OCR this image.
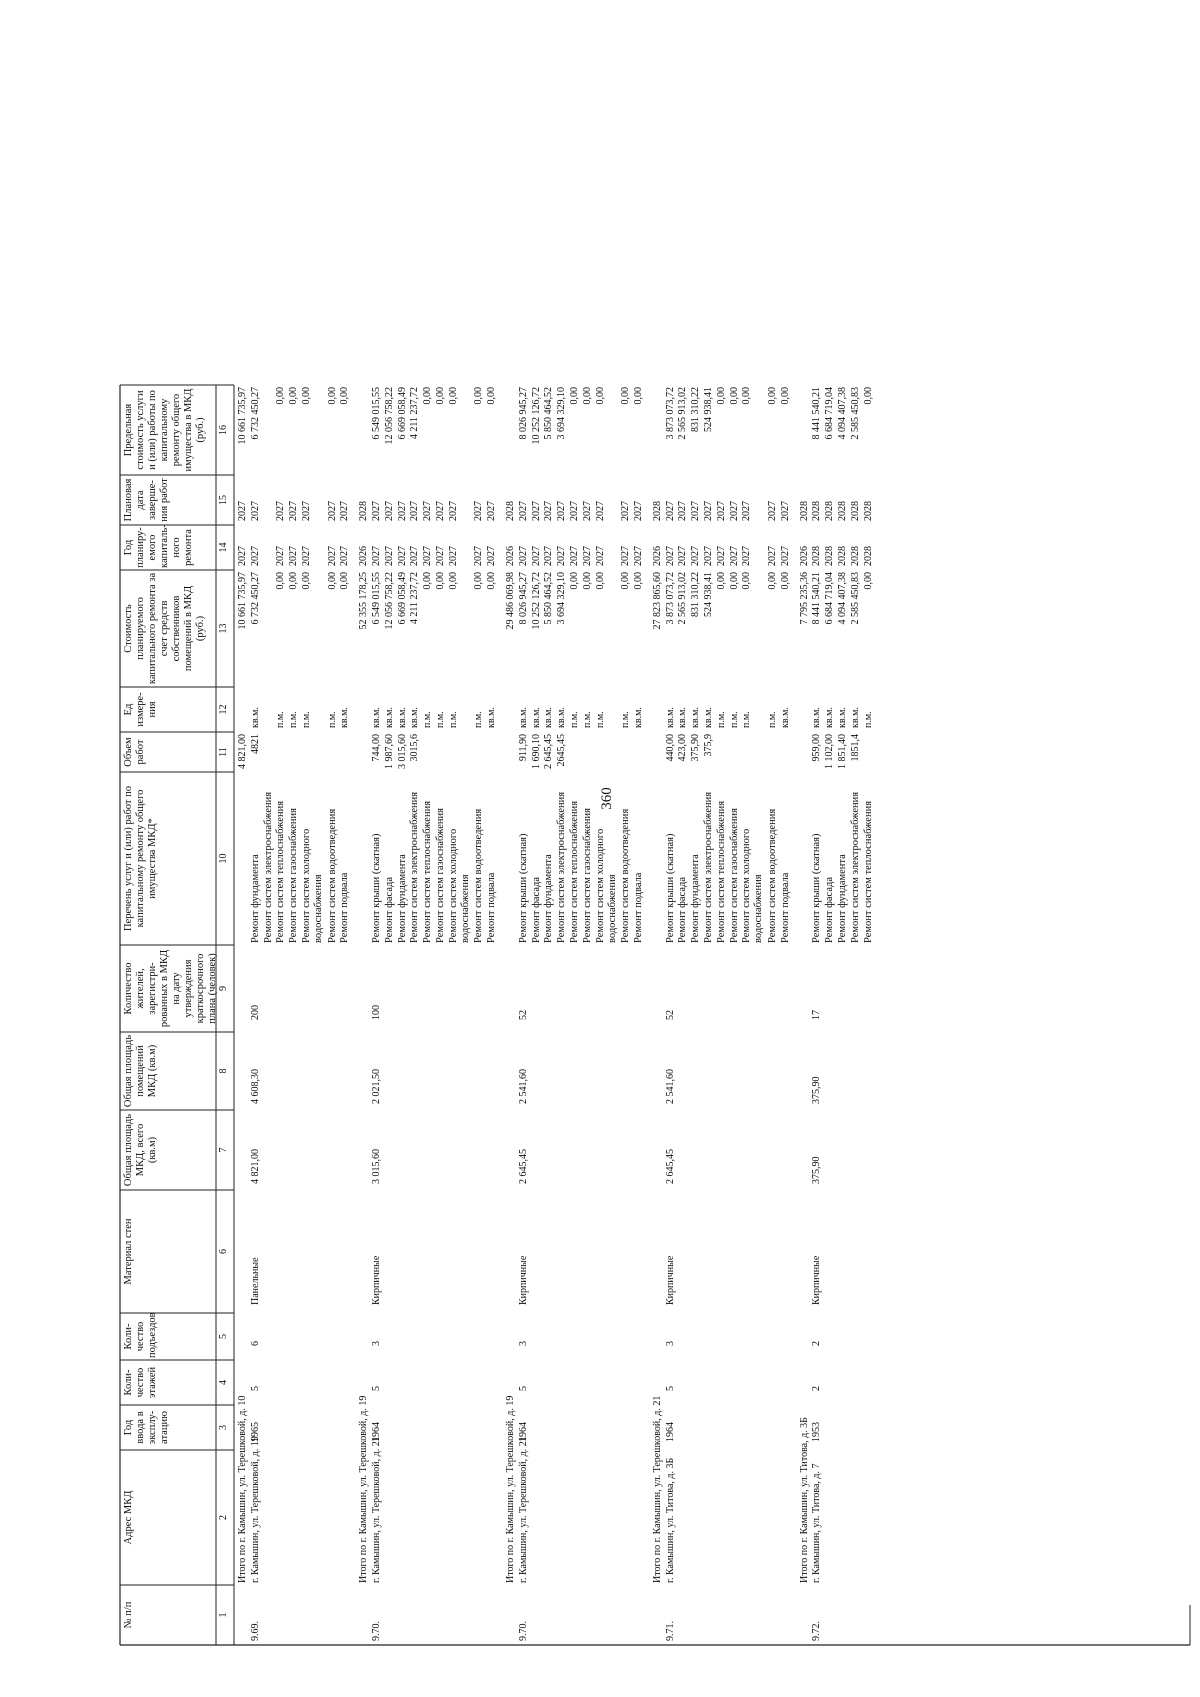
360
№ п/п
Адрес МКД
Год ввода в эксплу-атацию
Коли-чество этажей
Коли-чество подъездов
Материал стен
Общая площадь МКД, всего (кв.м)
Общая площадь помещений МКД (кв.м)
Количество жителей, зарегистри-рованных в МКД на дату утверждения краткосрочного плана (человек)
Перечень услуг и (или) работ по капитальному ремонту общего имущества МКД*
Объем работ
Ед измере-ния
Стоимость планируемого капитального ремонта за счет средств собственников помещений в МКД (руб.)
Год планиру-емого капиталь-ного ремонта
Плановая дата заверше-ния работ
Предельная стоимость услуги и (или) работы по капитальному ремонту общего имущества в МКД (руб.)
1
2
3
4
5
6
7
8
9
10
11
12
13
14
15
16
Итого по г. Камышин, ул. Терешковой, д. 10
4 821,00
10 661 735,97
2027
2027
10 661 735,97
9.69.
г. Камышин, ул. Терешковой, д. 19
1965
5
6
Панельные
4 821,00
4 608,30
200
Ремонт фундамента
4821
кв.м.
6 732 450,27
2027
2027
6 732 450,27
Ремонт систем электроснабжения Ремонт систем теплоснабжения
п.м.
0,00
2027
2027
0,00
Ремонт систем газоснабжения
п.м.
0,00
2027
2027
0,00
Ремонт систем холодного водоснабжения
п.м.
0,00
2027
2027
0,00
Ремонт систем водоотведения
п.м.
0,00
2027
2027
0,00
Ремонт подвала
кв.м.
0,00
2027
2027
0,00
Итого по г. Камышин, ул. Терешковой, д. 19
52 355 178,25
2026
2028
9.70.
г. Камышин, ул. Терешковой, д. 21
1964
5
3
Кирпичные
3 015,60
2 021,50
100
Ремонт крыши (скатная)
744,00
кв.м.
6 549 015,55
2027
2027
6 549 015,55
Ремонт фасада
1 987,60
кв.м.
12 056 758,22
2027
2027
12 056 758,22
Ремонт фундамента
3 015,60
кв.м.
6 669 058,49
2027
2027
6 669 058,49
Ремонт систем электроснабжения
3015,6
кв.м.
4 211 237,72
2027
2027
4 211 237,72
Ремонт систем теплоснабжения
п.м.
0,00
2027
2027
0,00
Ремонт систем газоснабжения
п.м.
0,00
2027
2027
0,00
Ремонт систем холодного водоснабжения
п.м.
0,00
2027
2027
0,00
Ремонт систем водоотведения
п.м.
0,00
2027
2027
0,00
Ремонт подвала
кв.м.
0,00
2027
2027
0,00
Итого по г. Камышин, ул. Терешковой, д. 19
29 486 069,98
2026
2028
9.70.
г. Камышин, ул. Терешковой, д. 21
1964
5
3
Кирпичные
2 645,45
2 541,60
52
Ремонт крыши (скатная)
911,90
кв.м.
8 026 945,27
2027
2027
8 026 945,27
Ремонт фасада
1 690,10
кв.м.
10 252 126,72
2027
2027
10 252 126,72
Ремонт фундамента
2 645,45
кв.м.
5 850 464,52
2027
2027
5 850 464,52
Ремонт систем электроснабжения
2645,45
кв.м.
3 694 329,10
2027
2027
3 694 329,10
Ремонт систем теплоснабжения
п.м.
0,00
2027
2027
0,00
Ремонт систем газоснабжения
п.м.
0,00
2027
2027
0,00
Ремонт систем холодного водоснабжения
п.м.
0,00
2027
2027
0,00
Ремонт систем водоотведения
п.м.
0,00
2027
2027
0,00
Ремонт подвала
кв.м.
0,00
2027
2027
0,00
Итого по г. Камышин, ул. Терешковой, д. 21
27 823 865,60
2026
2028
9.71.
г. Камышин, ул. Титова, д. 3Б
1964
5
3
Кирпичные
2 645,45
2 541,60
52
Ремонт крыши (скатная)
440,00
кв.м.
3 873 073,72
2027
2027
3 873 073,72
Ремонт фасада
423,00
кв.м.
2 565 913,02
2027
2027
2 565 913,02
Ремонт фундамента
375,90
кв.м.
831 310,22
2027
2027
831 310,22
Ремонт систем электроснабжения
375,9
кв.м.
524 938,41
2027
2027
524 938,41
Ремонт систем теплоснабжения
п.м.
0,00
2027
2027
0,00
Ремонт систем газоснабжения
п.м.
0,00
2027
2027
0,00
Ремонт систем холодного водоснабжения
п.м.
0,00
2027
2027
0,00
Ремонт систем водоотведения
п.м.
0,00
2027
2027
0,00
Ремонт подвала
кв.м.
0,00
2027
2027
0,00
Итого по г. Камышин, ул. Титова, д. 3Б
7 795 235,36
2026
2028
9.72.
г. Камышин, ул. Титова, д. 7
1953
2
2
Кирпичные
375,90
375,90
17
Ремонт крыши (скатная)
959,00
кв.м.
8 441 540,21
2028
2028
8 441 540,21
Ремонт фасада
1 102,00
кв.м.
6 684 719,04
2028
2028
6 684 719,04
Ремонт фундамента
1 851,40
кв.м.
4 094 407,38
2028
2028
4 094 407,38
Ремонт систем электроснабжения
1851,4
кв.м.
2 585 450,83
2028
2028
2 585 450,83
Ремонт систем теплоснабжения
п.м.
0,00
2028
2028
0,00
